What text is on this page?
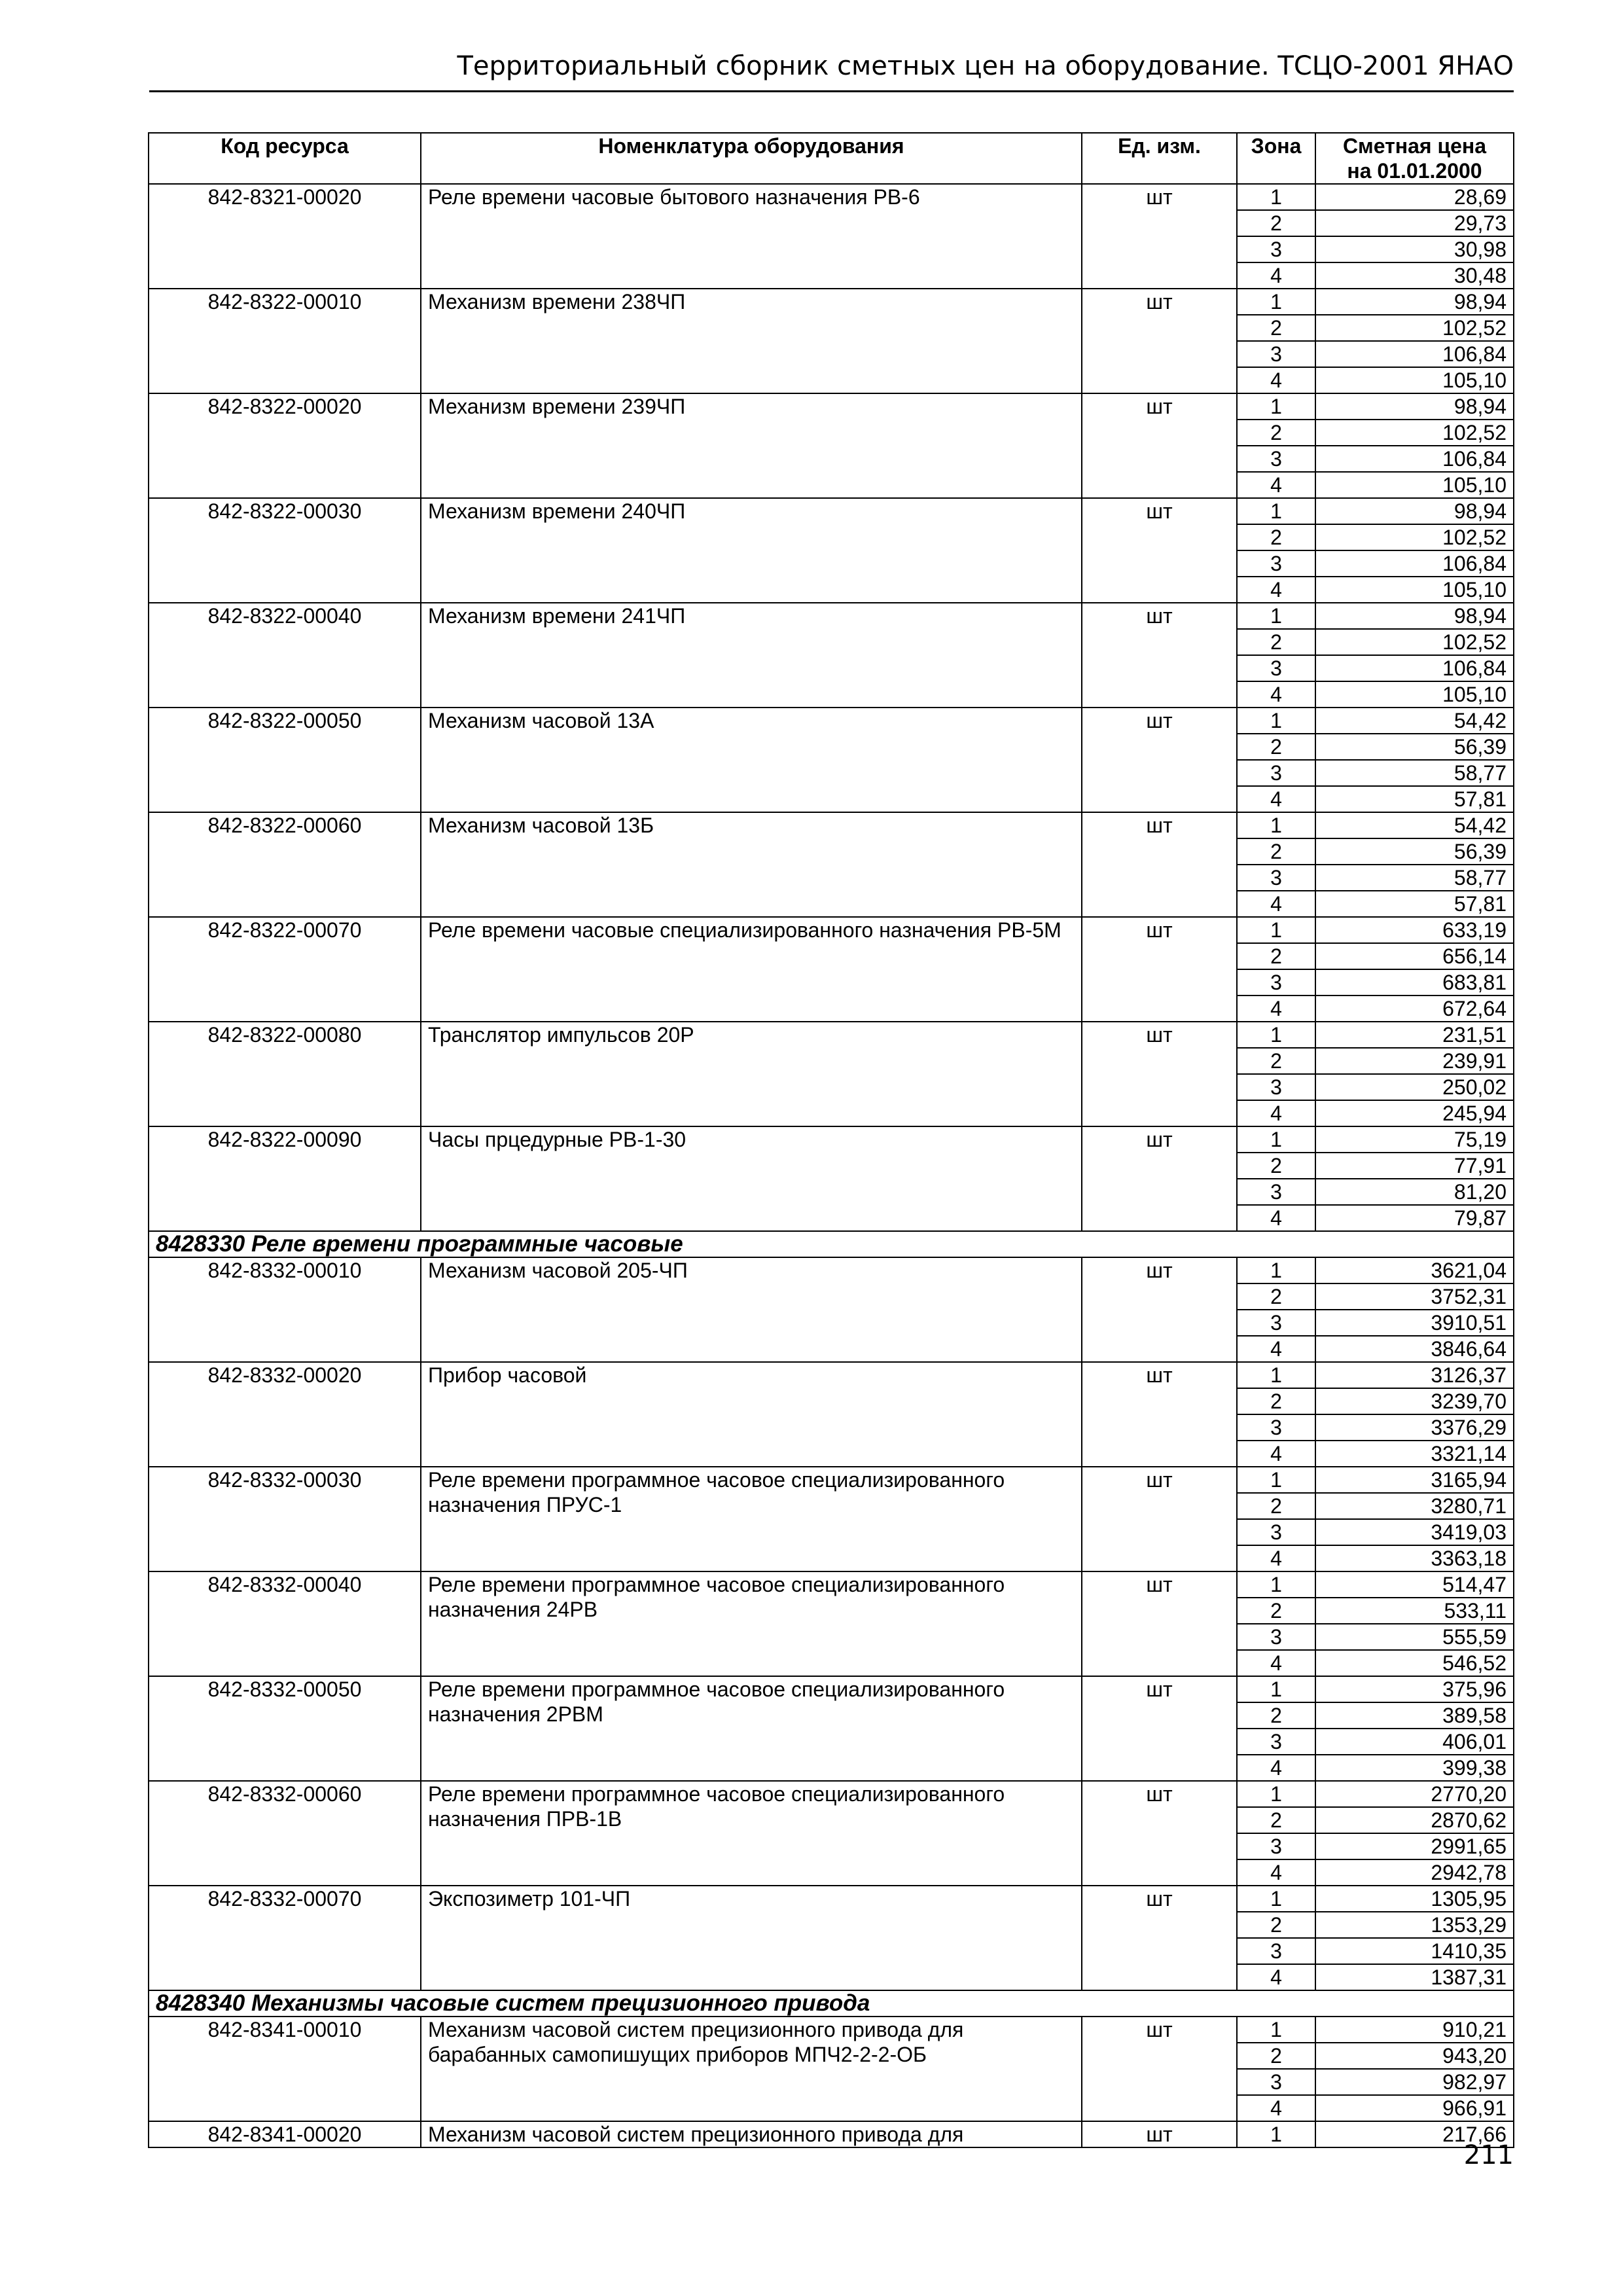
Территориальный сборник сметных цен на оборудование. ТСЦО-2001 ЯНАО
Код ресурса	Номенклатура оборудования	Ед. изм.	Зона	Сметная цена
на 01.01.2000
842-8321-00020	Реле времени часовые бытового назначения РВ-6	шт	1	28,69
			2	29,73
			3	30,98
			4	30,48
842-8322-00010	Механизм времени 238ЧП	шт	1	98,94
			2	102,52
			3	106,84
			4	105,10
842-8322-00020	Механизм времени 239ЧП	шт	1	98,94
			2	102,52
			3	106,84
			4	105,10
842-8322-00030	Механизм времени 240ЧП	шт	1	98,94
			2	102,52
			3	106,84
			4	105,10
842-8322-00040	Механизм времени 241ЧП	шт	1	98,94
			2	102,52
			3	106,84
			4	105,10
842-8322-00050	Механизм часовой 13А	шт	1	54,42
			2	56,39
			3	58,77
			4	57,81
842-8322-00060	Механизм часовой 13Б	шт	1	54,42
			2	56,39
			3	58,77
			4	57,81
842-8322-00070	Реле времени часовые специализированного назначения РВ-5М	шт	1	633,19
			2	656,14
			3	683,81
			4	672,64
842-8322-00080	Транслятор импульсов 20Р	шт	1	231,51
			2	239,91
			3	250,02
			4	245,94
842-8322-00090	Часы прцедурные РВ-1-30	шт	1	75,19
			2	77,91
			3	81,20
			4	79,87
8428330 Реле времени программные часовые				
842-8332-00010	Механизм часовой 205-ЧП	шт	1	3621,04
			2	3752,31
			3	3910,51
			4	3846,64
842-8332-00020	Прибор часовой	шт	1	3126,37
			2	3239,70
			3	3376,29
			4	3321,14
842-8332-00030	Реле времени программное часовое специализированного назначения ПРУС-1	шт	1	3165,94
			2	3280,71
			3	3419,03
			4	3363,18
842-8332-00040	Реле времени программное часовое специализированного назначения 24РВ	шт	1	514,47
			2	533,11
			3	555,59
			4	546,52
842-8332-00050	Реле времени программное часовое специализированного назначения 2РВМ	шт	1	375,96
			2	389,58
			3	406,01
			4	399,38
842-8332-00060	Реле времени программное часовое специализированного назначения ПРВ-1В	шт	1	2770,20
			2	2870,62
			3	2991,65
			4	2942,78
842-8332-00070	Экспозиметр 101-ЧП	шт	1	1305,95
			2	1353,29
			3	1410,35
			4	1387,31
8428340 Механизмы часовые систем прецизионного привода				
842-8341-00010	Механизм часовой систем прецизионного привода для барабанных самопишущих приборов МПЧ2-2-2-ОБ	шт	1	910,21
			2	943,20
			3	982,97
			4	966,91
842-8341-00020	Механизм часовой систем прецизионного привода для	шт	1	217,66
211
